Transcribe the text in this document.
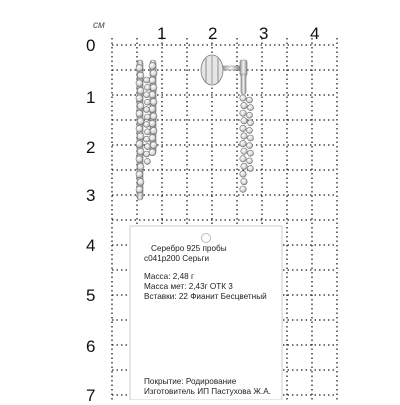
Серебро 925 пробы
с041р200 Серьги
Масса: 2,48 г
Масса мет: 2,43г ОТК 3
Вставки: 22 Фианит Бесцветный
Покрытие: Родирование
Изготовитель ИП Пастухова Ж.А.
см	1 2 3 4
0
1
2
3
4
5
6
7
